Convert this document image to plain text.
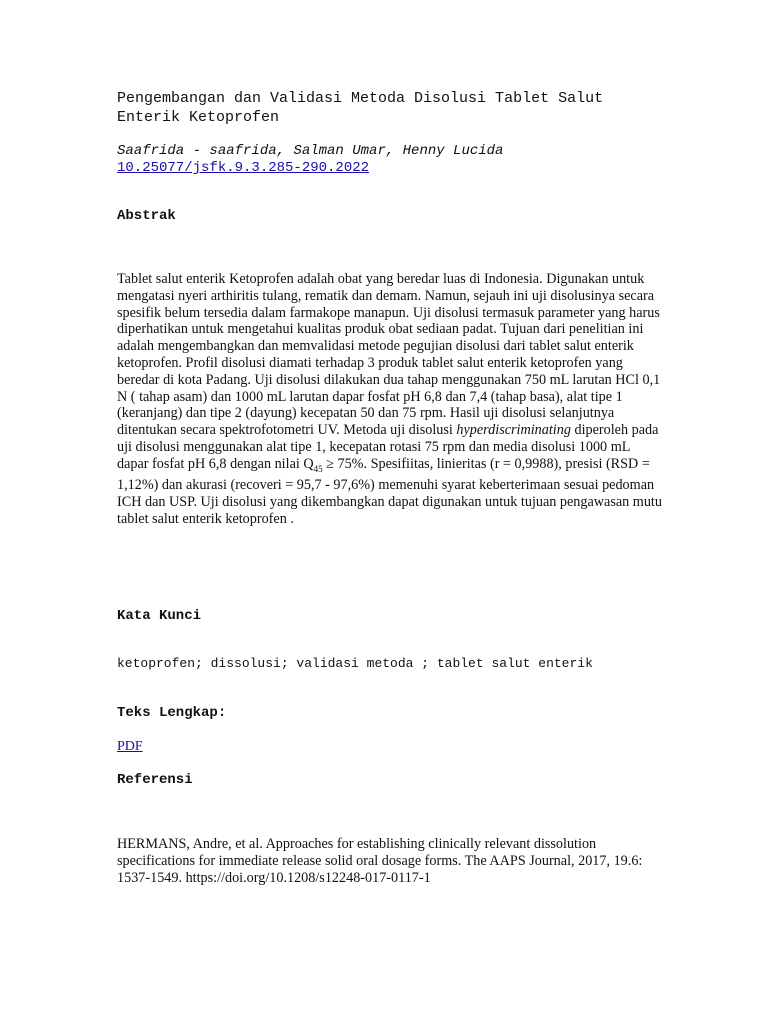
Pengembangan dan Validasi Metoda Disolusi Tablet Salut Enterik Ketoprofen
Saafrida - saafrida, Salman Umar, Henny Lucida
10.25077/jsfk.9.3.285-290.2022
Abstrak
Tablet salut enterik Ketoprofen adalah obat yang beredar luas di Indonesia. Digunakan untuk mengatasi nyeri arthiritis tulang, rematik dan demam. Namun, sejauh ini uji disolusinya secara spesifik belum tersedia dalam farmakope manapun. Uji disolusi termasuk parameter yang harus diperhatikan untuk mengetahui kualitas produk obat sediaan padat. Tujuan dari penelitian ini adalah mengembangkan dan memvalidasi metode pegujian disolusi dari tablet salut enterik ketoprofen. Profil disolusi diamati terhadap 3 produk tablet salut enterik ketoprofen yang beredar di kota Padang. Uji disolusi dilakukan dua tahap menggunakan 750 mL larutan HCl 0,1 N ( tahap asam) dan 1000 mL larutan dapar fosfat pH 6,8 dan 7,4 (tahap basa), alat tipe 1 (keranjang) dan tipe 2 (dayung) kecepatan 50 dan 75 rpm. Hasil uji disolusi selanjutnya ditentukan secara spektrofotometri UV. Metoda uji disolusi hyperdiscriminating diperoleh pada uji disolusi menggunakan alat tipe 1, kecepatan rotasi 75 rpm dan media disolusi 1000 mL dapar fosfat pH 6,8 dengan nilai $Q_{45} \ge 75\%$. Spesifiitas, linieritas (r = 0,9988), presisi (RSD = 1,12%) dan akurasi (recoveri = 95,7 - 97,6%) memenuhi syarat keberterimaan sesuai pedoman ICH dan USP. Uji disolusi yang dikembangkan dapat digunakan untuk tujuan pengawasan mutu tablet salut enterik ketoprofen .
Kata Kunci
ketoprofen; dissolusi; validasi metoda ; tablet salut enterik
Teks Lengkap:
PDF
Referensi
HERMANS, Andre, et al. Approaches for establishing clinically relevant dissolution specifications for immediate release solid oral dosage forms. The AAPS Journal, 2017, 19.6: 1537-1549. https://doi.org/10.1208/s12248-017-0117-1
